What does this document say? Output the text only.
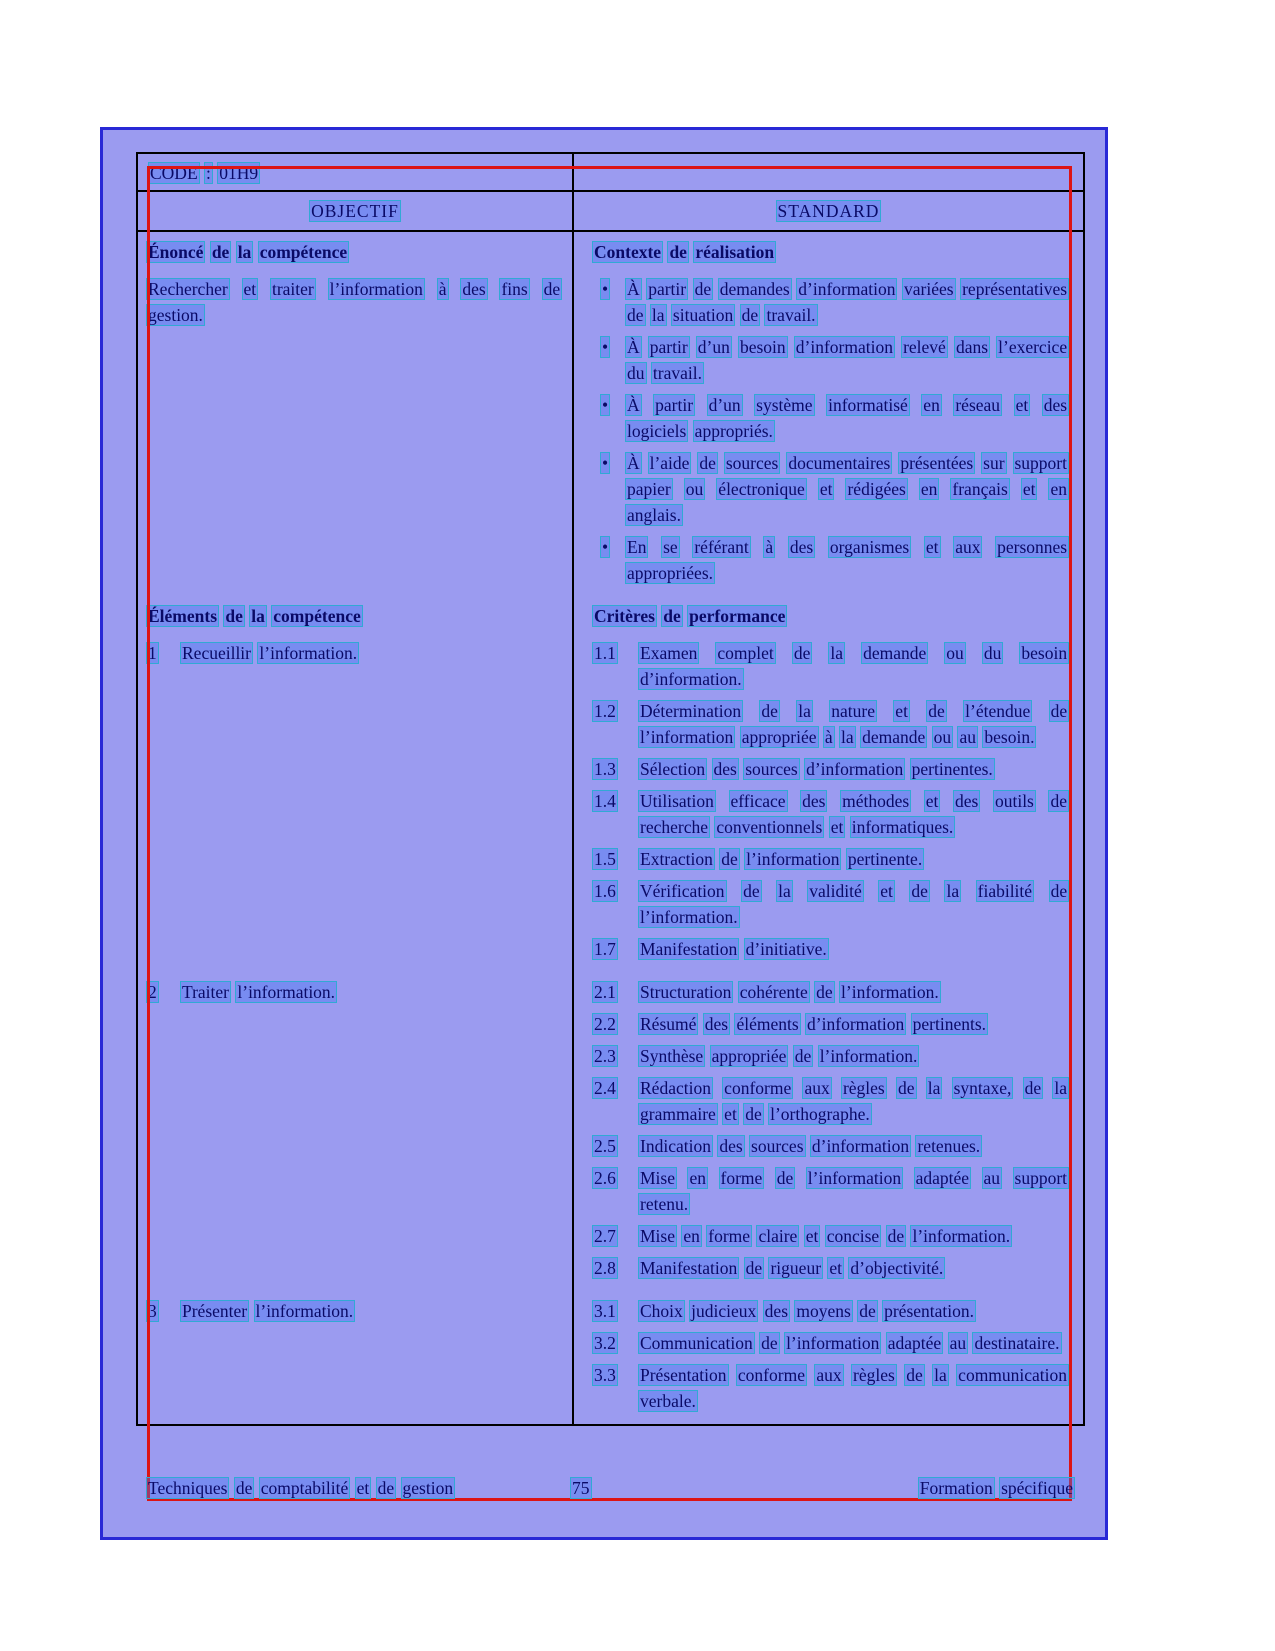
CODE : 01H9
OBJECTIF	STANDARD
Énoncé de la compétence	Contexte de réalisation
Rechercher et traiter l’information à des fins de gestion.
•	À partir de demandes d’information variées représentatives de la situation de travail.
•	À partir d’un besoin d’information relevé dans l’exercice du travail.
•	À partir d’un système informatisé en réseau et des logiciels appropriés.
•	À l’aide de sources documentaires présentées sur support papier ou électronique et rédigées en français et en anglais.
•	En se référant à des organismes et aux personnes appropriées.
Éléments de la compétence	Critères de performance
1	Recueillir l’information.	1.1	Examen complet de la demande ou du besoin d’information.
1.2	Détermination de la nature et de l’étendue de l’information appropriée à la demande ou au besoin.
1.3	Sélection des sources d’information pertinentes.
1.4	Utilisation efficace des méthodes et des outils de recherche conventionnels et informatiques.
1.5	Extraction de l’information pertinente.
1.6	Vérification de la validité et de la fiabilité de l’information.
1.7	Manifestation d’initiative.
2	Traiter l’information.	2.1	Structuration cohérente de l’information.
2.2	Résumé des éléments d’information pertinents.
2.3	Synthèse appropriée de l’information.
2.4	Rédaction conforme aux règles de la syntaxe, de la grammaire et de l’orthographe.
2.5	Indication des sources d’information retenues.
2.6	Mise en forme de l’information adaptée au support retenu.
2.7	Mise en forme claire et concise de l’information.
2.8	Manifestation de rigueur et d’objectivité.
3	Présenter l’information.	3.1	Choix judicieux des moyens de présentation.
3.2	Communication de l’information adaptée au destinataire.
3.3	Présentation conforme aux règles de la communication verbale.
Techniques de comptabilité et de gestion	75	Formation spécifique
